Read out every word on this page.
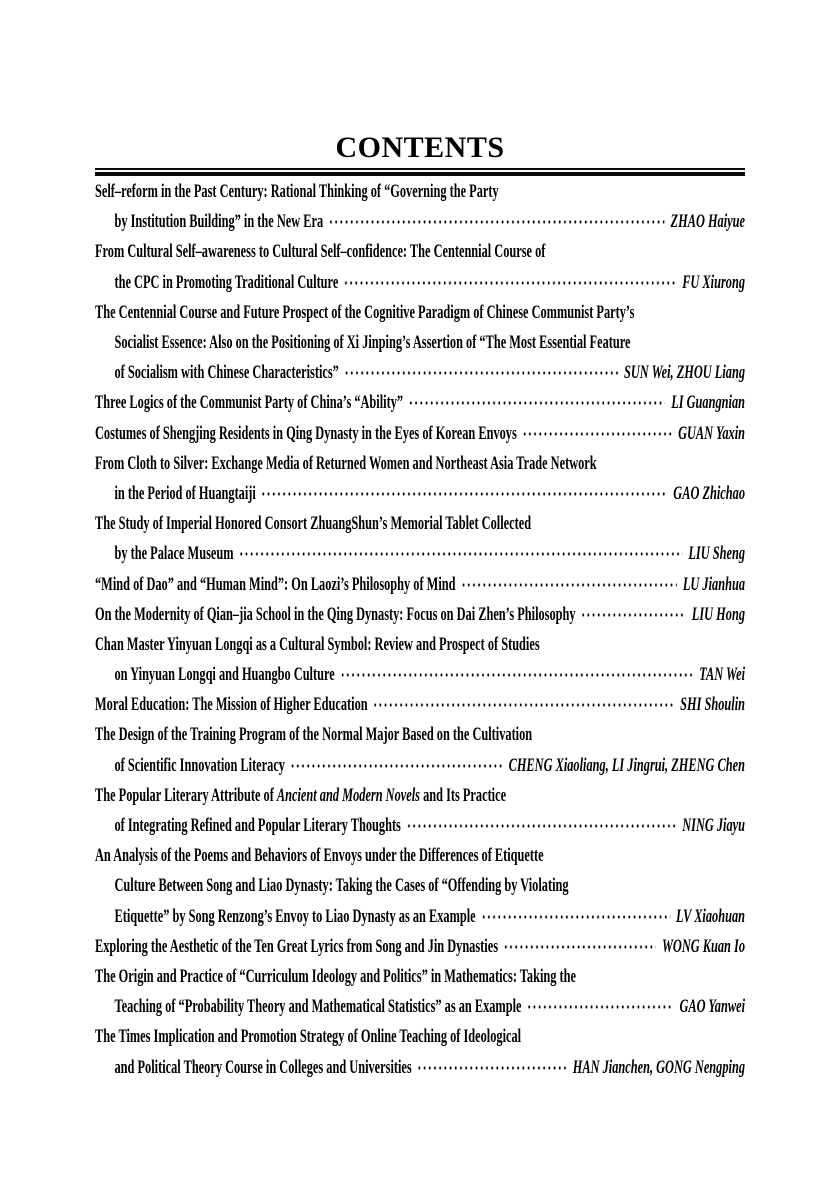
CONTENTS
Self–reform in the Past Century: Rational Thinking of “Governing the Party
by Institution Building” in the New Era	ZHAO Haiyue
From Cultural Self–awareness to Cultural Self–confidence: The Centennial Course of
the CPC in Promoting Traditional Culture	FU Xiurong
The Centennial Course and Future Prospect of the Cognitive Paradigm of Chinese Communist Party’s
Socialist Essence: Also on the Positioning of Xi Jinping’s Assertion of “The Most Essential Feature
of Socialism with Chinese Characteristics”	SUN Wei, ZHOU Liang
Three Logics of the Communist Party of China’s “Ability”	LI Guangnian
Costumes of Shengjing Residents in Qing Dynasty in the Eyes of Korean Envoys	GUAN Yaxin
From Cloth to Silver: Exchange Media of Returned Women and Northeast Asia Trade Network
in the Period of Huangtaiji	GAO Zhichao
The Study of Imperial Honored Consort ZhuangShun’s Memorial Tablet Collected
by the Palace Museum	LIU Sheng
“Mind of Dao” and “Human Mind”: On Laozi’s Philosophy of Mind	LU Jianhua
On the Modernity of Qian–jia School in the Qing Dynasty: Focus on Dai Zhen’s Philosophy	LIU Hong
Chan Master Yinyuan Longqi as a Cultural Symbol: Review and Prospect of Studies
on Yinyuan Longqi and Huangbo Culture	TAN Wei
Moral Education: The Mission of Higher Education	SHI Shoulin
The Design of the Training Program of the Normal Major Based on the Cultivation
of Scientific Innovation Literacy	CHENG Xiaoliang, LI Jingrui, ZHENG Chen
The Popular Literary Attribute of Ancient and Modern Novels and Its Practice
of Integrating Refined and Popular Literary Thoughts	NING Jiayu
An Analysis of the Poems and Behaviors of Envoys under the Differences of Etiquette
Culture Between Song and Liao Dynasty: Taking the Cases of “Offending by Violating
Etiquette” by Song Renzong’s Envoy to Liao Dynasty as an Example	LV Xiaohuan
Exploring the Aesthetic of the Ten Great Lyrics from Song and Jin Dynasties	WONG Kuan Io
The Origin and Practice of “Curriculum Ideology and Politics” in Mathematics: Taking the
Teaching of “Probability Theory and Mathematical Statistics” as an Example	GAO Yanwei
The Times Implication and Promotion Strategy of Online Teaching of Ideological
and Political Theory Course in Colleges and Universities	HAN Jianchen, GONG Nengping
